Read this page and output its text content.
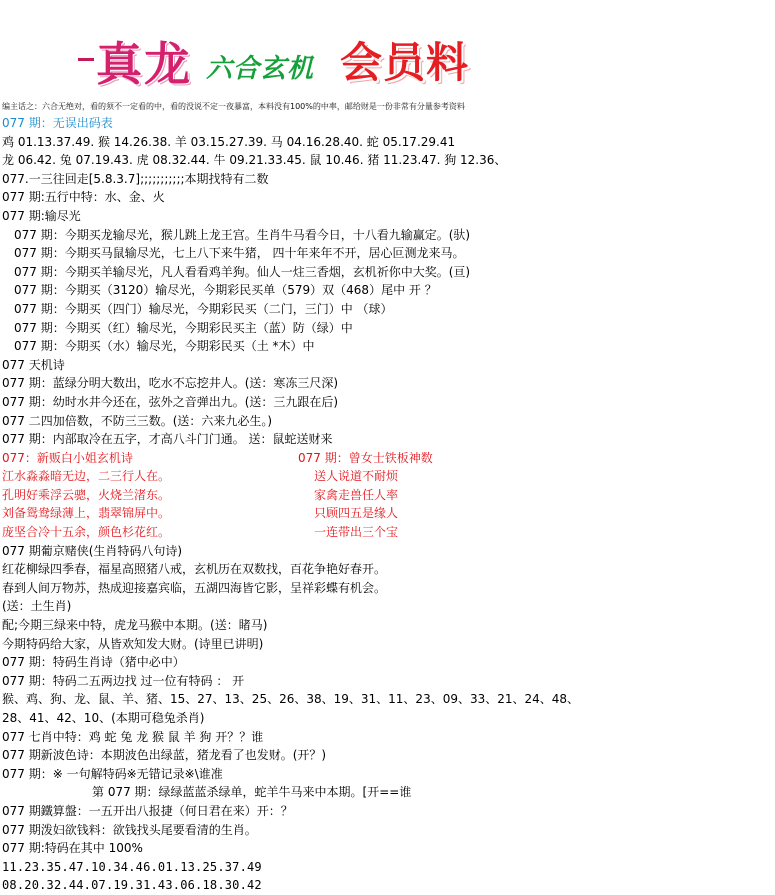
真龙 六合玄机 会员料
编主话之：六合无绝对，看的须不一定看的中，看的没说不定一夜暴富，本料没有100%的中率，邮给财是一份非常有分量参考资料
077 期：无误出码表
鸡 01.13.37.49. 猴 14.26.38. 羊 03.15.27.39. 马 04.16.28.40. 蛇 05.17.29.41
龙 06.42. 兔 07.19.43. 虎 08.32.44. 牛 09.21.33.45. 鼠 10.46. 猪 11.23.47. 狗 12.36、
077.一三往回走[5.8.3.7];;;;;;;;;;;本期找特有二数
077 期:五行中特：水、金、火
077 期:输尽光
077 期：今期买龙输尽光，猴儿跳上龙王宫。生肖牛马看今日，十八看九输赢定。(驮)
077 期：今期买马鼠输尽光，七上八下来牛猪， 四十年来年不开，居心叵测龙来马。
077 期：今期买羊输尽光，凡人看看鸡羊狗。仙人一炷三香烟，玄机祈你中大奖。(亘)
077 期：今期买（3120）输尽光，今期彩民买单（579）双（468）尾中 开 ？
077 期：今期买（四门）输尽光，今期彩民买（二门，三门）中 （球）
077 期：今期买（红）输尽光，今期彩民买主（蓝）防（绿）中
077 期：今期买（水）输尽光，今期彩民买（土 *木）中
077 天机诗
077 期：蓝绿分明大数出，吃水不忘挖井人。(送：寒冻三尺深)
077 期：幼时水井今还在，弦外之音弹出九。(送：三九跟在后)
077 二四加倍数，不防三三数。(送：六来九必生。)
077 期：内部取冷在五字，才高八斗门门通。 送：鼠蛇送财来
077：新贩白小姐玄机诗	077 期：曾女士铁板神数
江水淼淼暗无边，二三行人在。	送人说道不耐烦
孔明好乘浮云骢，火烧兰渚东。	家禽走兽任人率
刘备鸳鸯绿薄上，翡翠锦屏中。	只顾四五是缘人
庞坚合冷十五余，颜色杉花红。	一连带出三个宝
077 期葡京赌侠(生肖特码八句诗)
红花柳绿四季春，福星高照猪八戒，玄机历在双数找，百花争艳好春开。
春到人间万物苏，热成迎接嘉宾临，五湖四海皆它影，呈祥彩蝶有机会。
(送：土生肖)
配;今期三绿来中特，虎龙马猴中本期。(送：睹马)
今期特码给大家，从皆欢知发大财。(诗里已讲明)
077 期：特码生肖诗（猪中必中）
077 期：特码二五两边找 过一位有特码 ： 开
猴、鸡、狗、龙、鼠、羊、猪、15、27、13、25、26、38、19、31、11、23、09、33、21、24、48、
28、41、42、10、(本期可稳兔杀肖)
077 七肖中特：鸡 蛇 兔 龙 猴 鼠 羊 狗 开？？谁
077 期新波色诗：本期波色出绿蓝，猪龙看了也发财。(开？)
077 期：※ 一句解特码※无错记录※\谁准
第 077 期：绿绿蓝蓝杀绿单，蛇羊牛马来中本期。[开==谁
077 期鐵算盤：一五开出八报捷（何日君在来）开：？
077 期泼妇欲钱料：欲钱找头尾要看清的生肖。
077 期:特码在其中 100%
11.23.35.47.10.34.46.01.13.25.37.49
08.20.32.44.07.19.31.43.06.18.30.42
